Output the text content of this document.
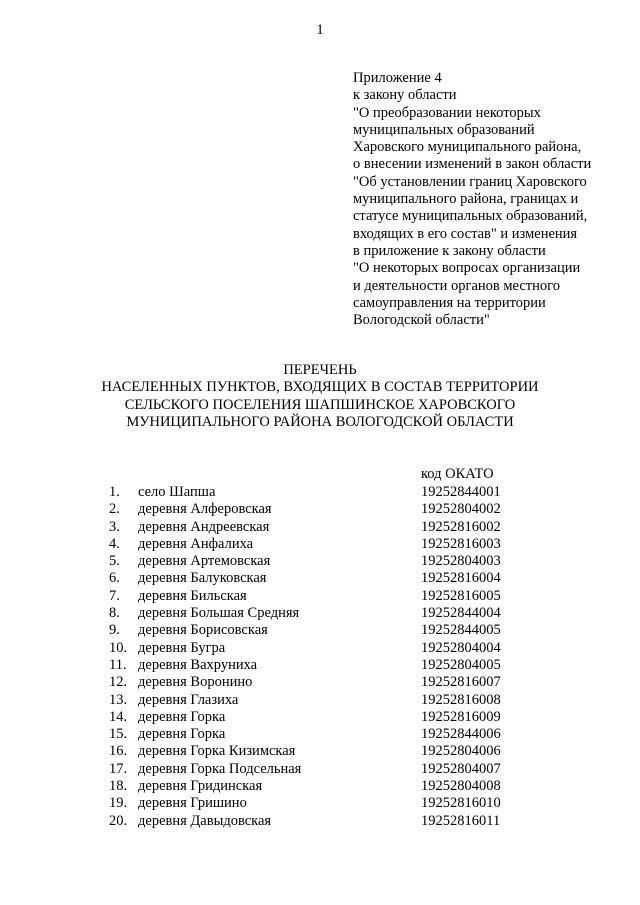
1
Приложение 4
к закону области
"О преобразовании некоторых
муниципальных образований
Харовского муниципального района,
о внесении изменений в закон области
"Об установлении границ Харовского
муниципального района, границах и
статусе муниципальных образований,
входящих в его состав" и изменения
в приложение к закону области
"О некоторых вопросах организации
и деятельности органов местного
самоуправления на территории
Вологодской области"
ПЕРЕЧЕНЬ
НАСЕЛЕННЫХ ПУНКТОВ, ВХОДЯЩИХ В СОСТАВ ТЕРРИТОРИИ
СЕЛЬСКОГО ПОСЕЛЕНИЯ ШАПШИНСКОЕ ХАРОВСКОГО
МУНИЦИПАЛЬНОГО РАЙОНА ВОЛОГОДСКОЙ ОБЛАСТИ
код ОКАТО
1. село Шапша	19252844001
2. деревня Алферовская	19252804002
3. деревня Андреевская	19252816002
4. деревня Анфалиха	19252816003
5. деревня Артемовская	19252804003
6. деревня Балуковская	19252816004
7. деревня Бильская	19252816005
8. деревня Большая Средняя	19252844004
9. деревня Борисовская	19252844005
10. деревня Бугра	19252804004
11. деревня Вахруниха	19252804005
12. деревня Воронино	19252816007
13. деревня Глазиха	19252816008
14. деревня Горка	19252816009
15. деревня Горка	19252844006
16. деревня Горка Кизимская	19252804006
17. деревня Горка Подсельная	19252804007
18. деревня Гридинская	19252804008
19. деревня Гришино	19252816010
20. деревня Давыдовская	19252816011
